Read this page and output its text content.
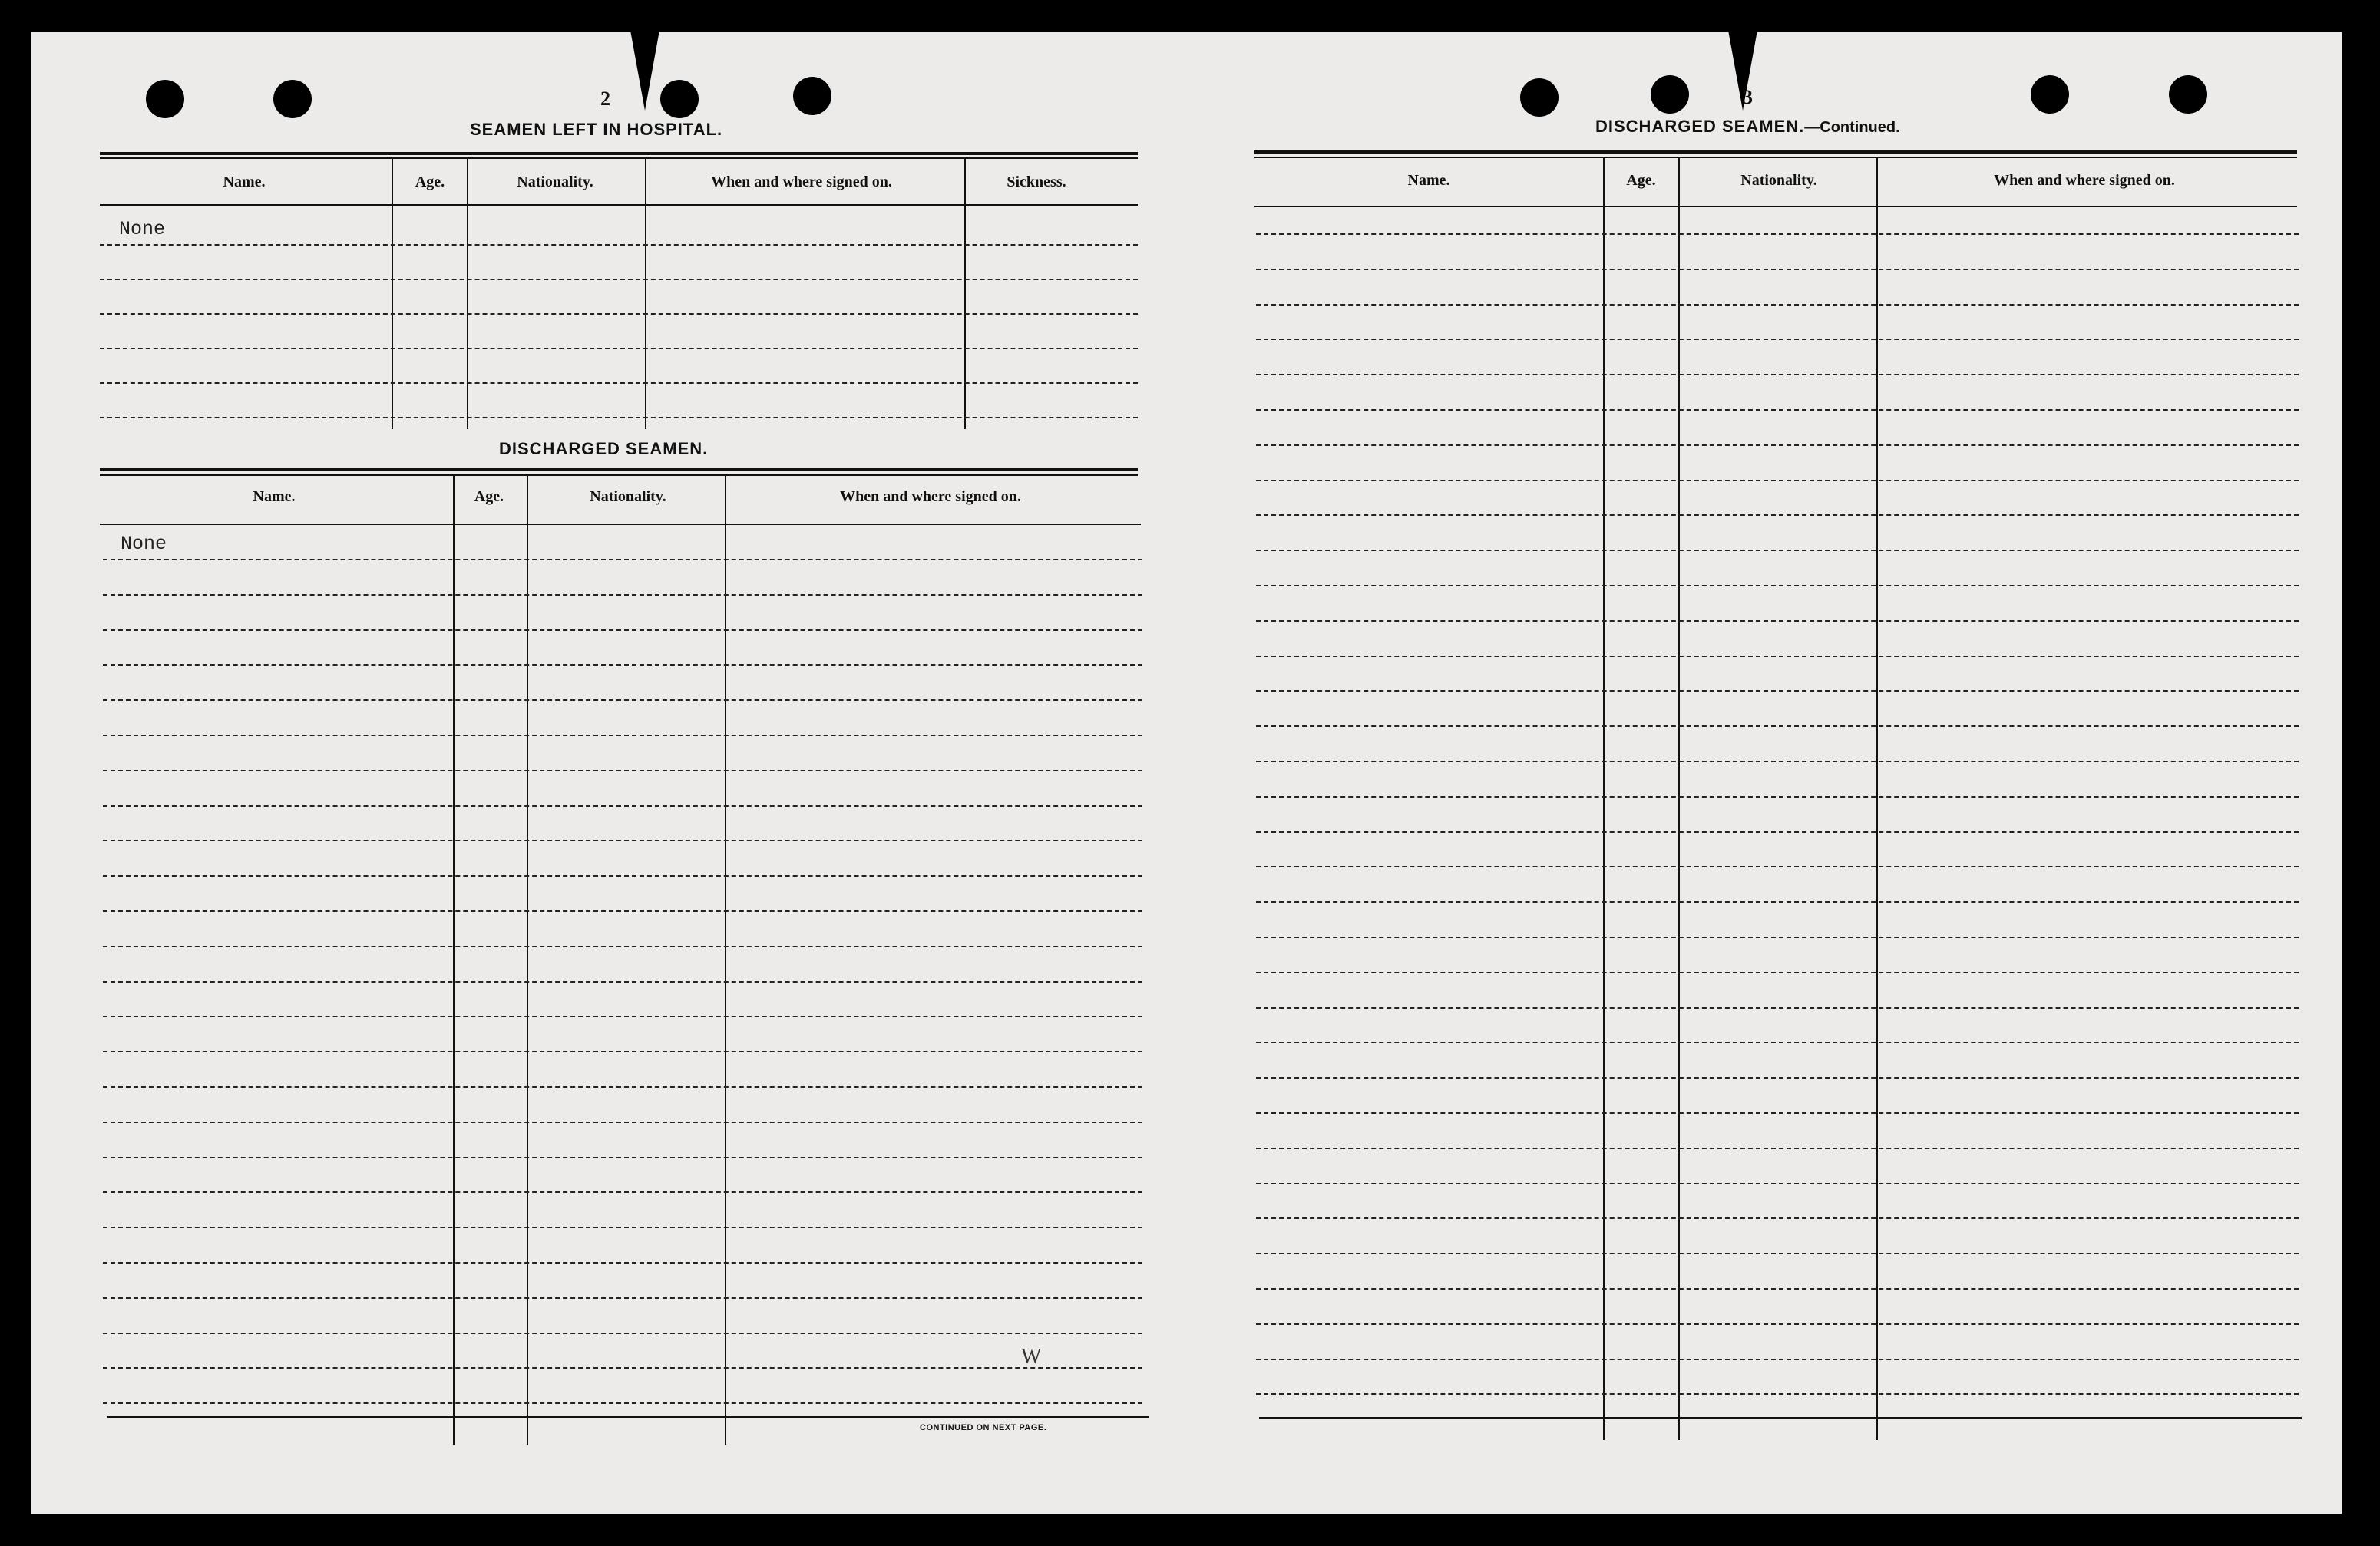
2
SEAMEN LEFT IN HOSPITAL.
Name.	Age.	Nationality.	When and where signed on.	Sickness.
None
DISCHARGED SEAMEN.
Name.	Age.	Nationality.	When and where signed on.
None
W
CONTINUED ON NEXT PAGE.
3
DISCHARGED SEAMEN.—Continued.
Name.	Age.	Nationality.	When and where signed on.
